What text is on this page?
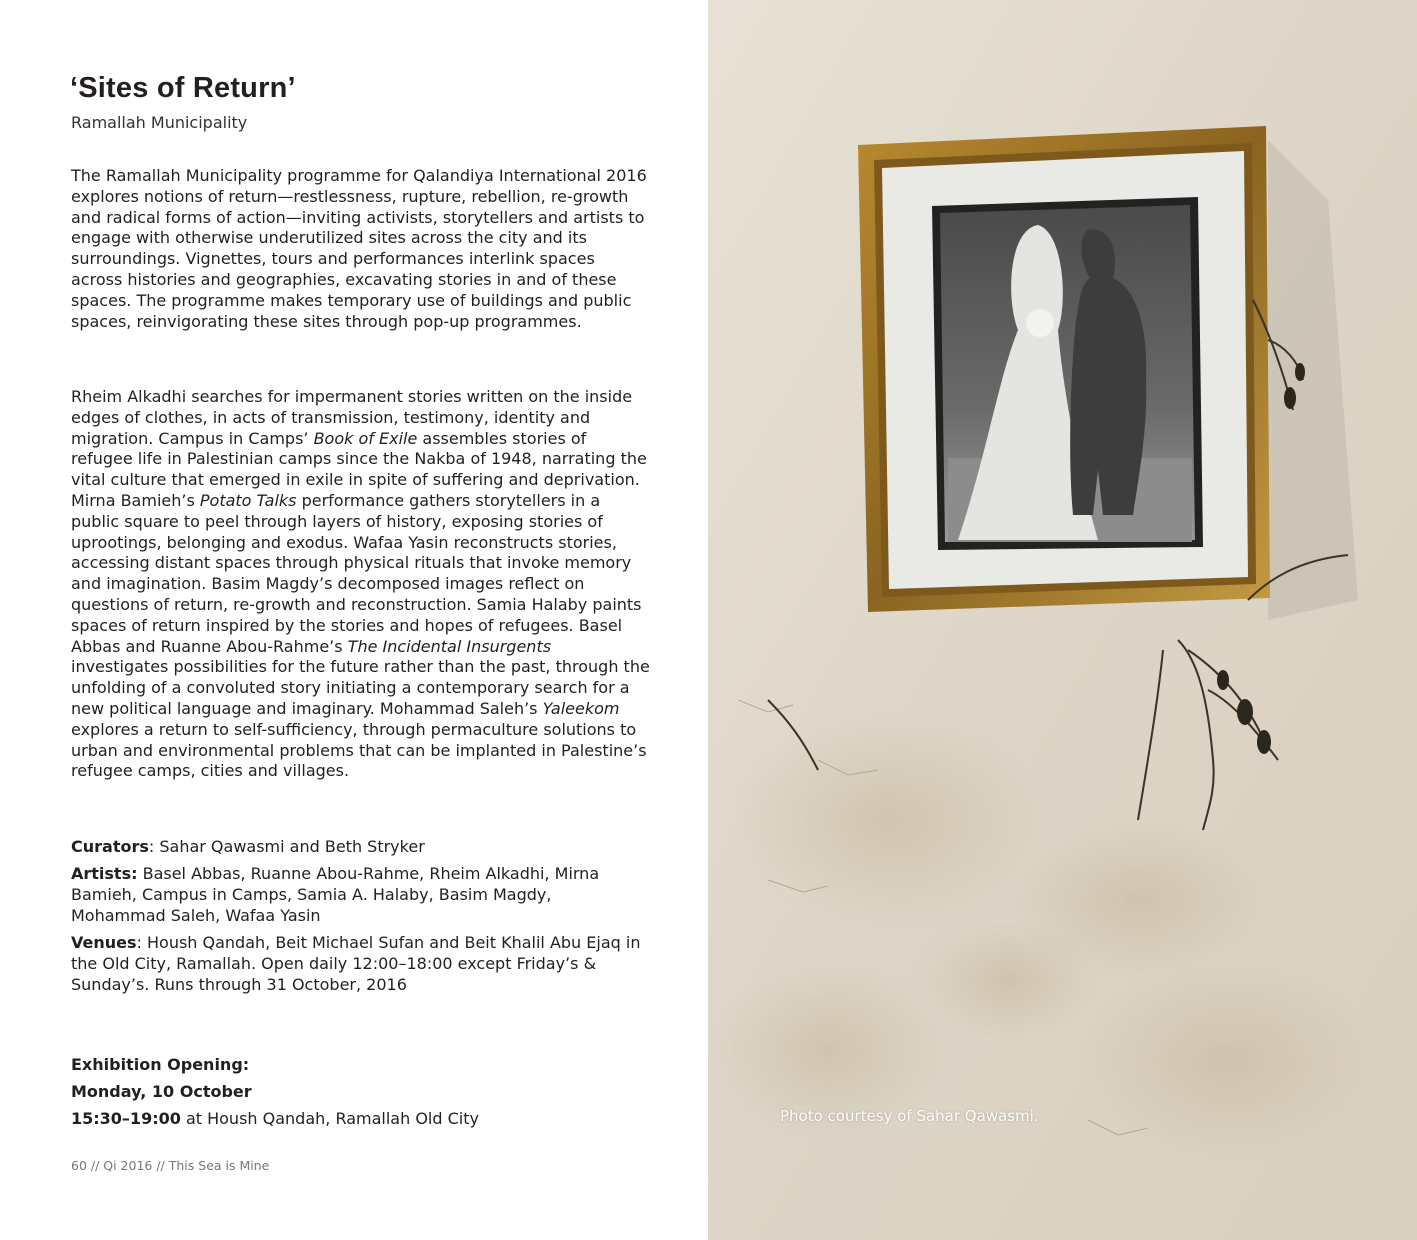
‘Sites of Return’
Ramallah Municipality

The Ramallah Municipality programme for Qalandiya International 2016 explores notions of return—restlessness, rupture, rebellion, re-growth and radical forms of action—inviting activists, storytellers and artists to engage with otherwise underutilized sites across the city and its surroundings. Vignettes, tours and performances interlink spaces across histories and geographies, excavating stories in and of these spaces. The programme makes temporary use of buildings and public spaces, reinvigorating these sites through pop-up programmes.

Rheim Alkadhi searches for impermanent stories written on the inside edges of clothes, in acts of transmission, testimony, identity and migration. Campus in Camps’ Book of Exile assembles stories of refugee life in Palestinian camps since the Nakba of 1948, narrating the vital culture that emerged in exile in spite of suffering and deprivation. Mirna Bamieh’s Potato Talks performance gathers storytellers in a public square to peel through layers of history, exposing stories of uprootings, belonging and exodus. Wafaa Yasin reconstructs stories, accessing distant spaces through physical rituals that invoke memory and imagination. Basim Magdy’s decomposed images reflect on questions of return, re-growth and reconstruction. Samia Halaby paints spaces of return inspired by the stories and hopes of refugees. Basel Abbas and Ruanne Abou-Rahme’s The Incidental Insurgents investigates possibilities for the future rather than the past, through the unfolding of a convoluted story initiating a contemporary search for a new political language and imaginary. Mohammad Saleh’s Yaleekom explores a return to self-sufficiency, through permaculture solutions to urban and environmental problems that can be implanted in Palestine’s refugee camps, cities and villages.

Curators: Sahar Qawasmi and Beth Stryker
Artists: Basel Abbas, Ruanne Abou-Rahme, Rheim Alkadhi, Mirna Bamieh, Campus in Camps, Samia A. Halaby, Basim Magdy, Mohammad Saleh, Wafaa Yasin
Venues: Housh Qandah, Beit Michael Sufan and Beit Khalil Abu Ejaq in the Old City, Ramallah. Open daily 12:00–18:00 except Friday’s & Sunday’s. Runs through 31 October, 2016
Exhibition Opening:
Monday, 10 October
15:30–19:00 at Housh Qandah, Ramallah Old City
60 // Qi 2016 // This Sea is Mine
Photo courtesy of Sahar Qawasmi.
